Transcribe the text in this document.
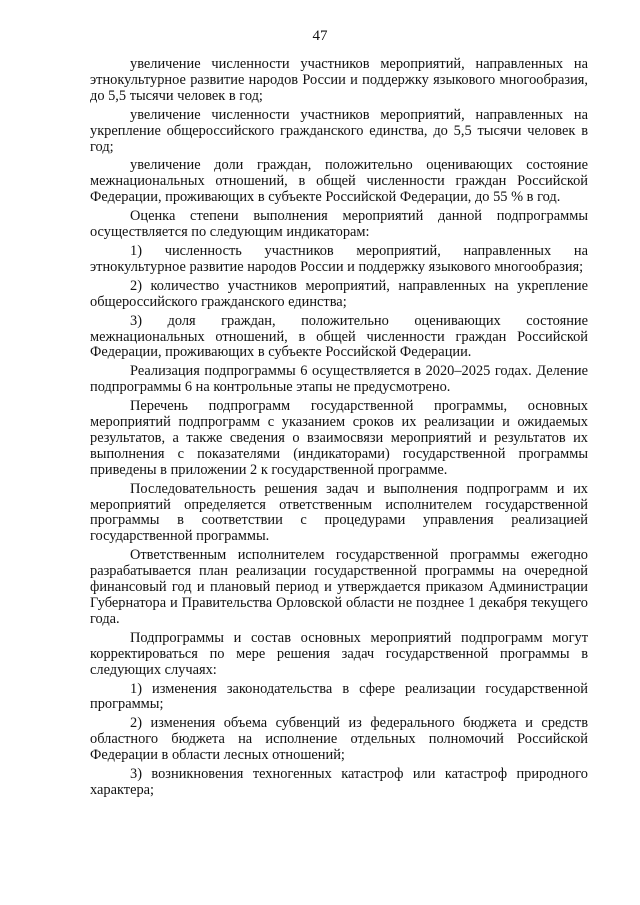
47

увеличение численности участников мероприятий, направленных на этнокультурное развитие народов России и поддержку языкового многообразия, до 5,5 тысячи человек в год;

увеличение численности участников мероприятий, направленных на укрепление общероссийского гражданского единства, до 5,5 тысячи человек в год;

увеличение доли граждан, положительно оценивающих состояние межнациональных отношений, в общей численности граждан Российской Федерации, проживающих в субъекте Российской Федерации, до 55 % в год.

Оценка степени выполнения мероприятий данной подпрограммы осуществляется по следующим индикаторам:

1) численность участников мероприятий, направленных на этнокультурное развитие народов России и поддержку языкового многообразия;

2) количество участников мероприятий, направленных на укрепление общероссийского гражданского единства;

3) доля граждан, положительно оценивающих состояние межнациональных отношений, в общей численности граждан Российской Федерации, проживающих в субъекте Российской Федерации.

Реализация подпрограммы 6 осуществляется в 2020–2025 годах. Деление подпрограммы 6 на контрольные этапы не предусмотрено.

Перечень подпрограмм государственной программы, основных мероприятий подпрограмм с указанием сроков их реализации и ожидаемых результатов, а также сведения о взаимосвязи мероприятий и результатов их выполнения с показателями (индикаторами) государственной программы приведены в приложении 2 к государственной программе.

Последовательность решения задач и выполнения подпрограмм и их мероприятий определяется ответственным исполнителем государственной программы в соответствии с процедурами управления реализацией государственной программы.

Ответственным исполнителем государственной программы ежегодно разрабатывается план реализации государственной программы на очередной финансовый год и плановый период и утверждается приказом Администрации Губернатора и Правительства Орловской области не позднее 1 декабря текущего года.

Подпрограммы и состав основных мероприятий подпрограмм могут корректироваться по мере решения задач государственной программы в следующих случаях:

1) изменения законодательства в сфере реализации государственной программы;

2) изменения объема субвенций из федерального бюджета и средств областного бюджета на исполнение отдельных полномочий Российской Федерации в области лесных отношений;

3) возникновения техногенных катастроф или катастроф природного характера;
